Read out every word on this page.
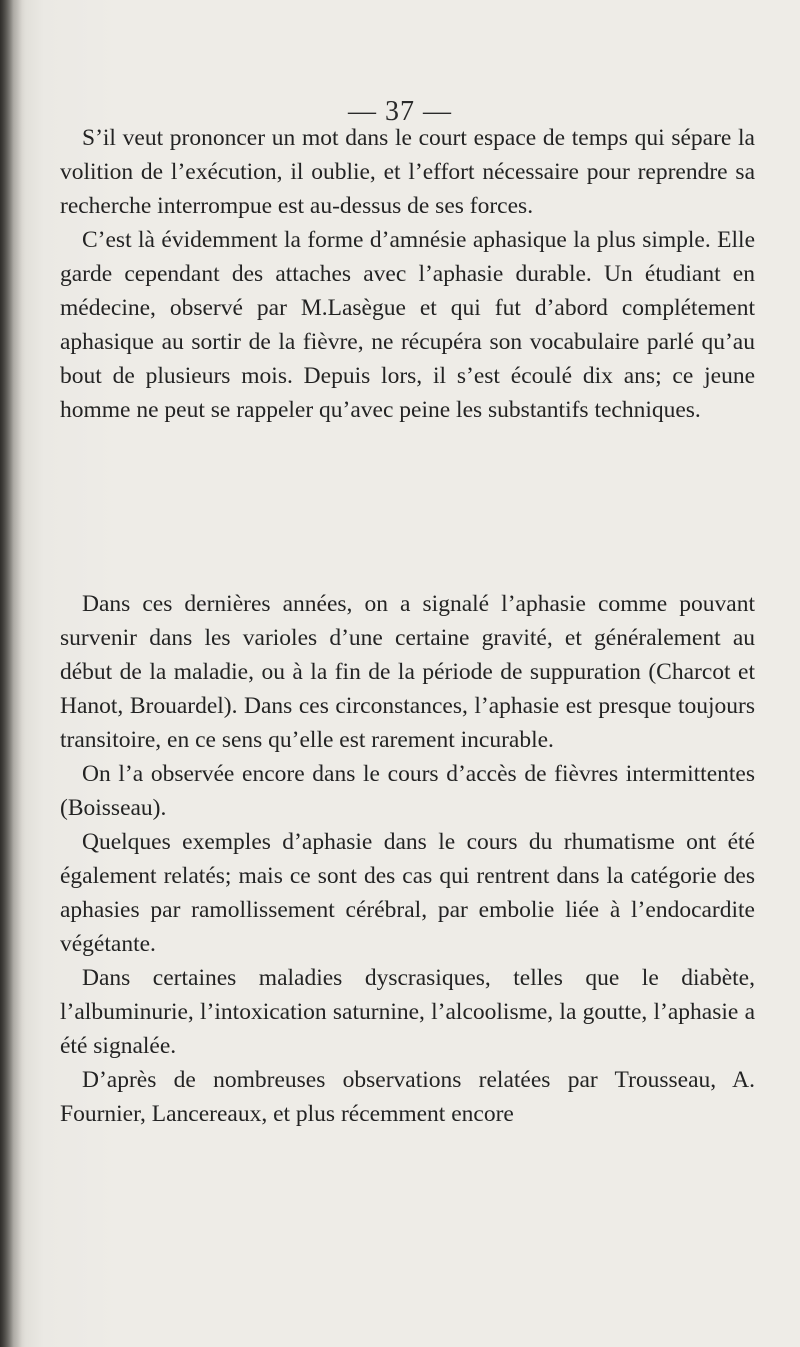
— 37 —

S’il veut prononcer un mot dans le court espace de temps qui sépare la volition de l’exécution, il oublie, et l’effort nécessaire pour reprendre sa recherche interrompue est au-dessus de ses forces.

C’est là évidemment la forme d’amnésie aphasique la plus simple. Elle garde cependant des attaches avec l’aphasie durable. Un étudiant en médecine, observé par M.Lasègue et qui fut d’abord complétement aphasique au sortir de la fièvre, ne récupéra son vocabulaire parlé qu’au bout de plusieurs mois. Depuis lors, il s’est écoulé dix ans; ce jeune homme ne peut se rappeler qu’avec peine les substantifs techniques.

Dans ces dernières années, on a signalé l’aphasie comme pouvant survenir dans les varioles d’une certaine gravité, et généralement au début de la maladie, ou à la fin de la période de suppuration (Charcot et Hanot, Brouardel). Dans ces circonstances, l’aphasie est presque toujours transitoire, en ce sens qu’elle est rarement incurable.

On l’a observée encore dans le cours d’accès de fièvres intermittentes (Boisseau).

Quelques exemples d’aphasie dans le cours du rhumatisme ont été également relatés; mais ce sont des cas qui rentrent dans la catégorie des aphasies par ramollissement cérébral, par embolie liée à l’endocardite végétante.

Dans certaines maladies dyscrasiques, telles que le diabète, l’albuminurie, l’intoxication saturnine, l’alcoolisme, la goutte, l’aphasie a été signalée.

D’après de nombreuses observations relatées par Trousseau, A. Fournier, Lancereaux, et plus récemment encore
